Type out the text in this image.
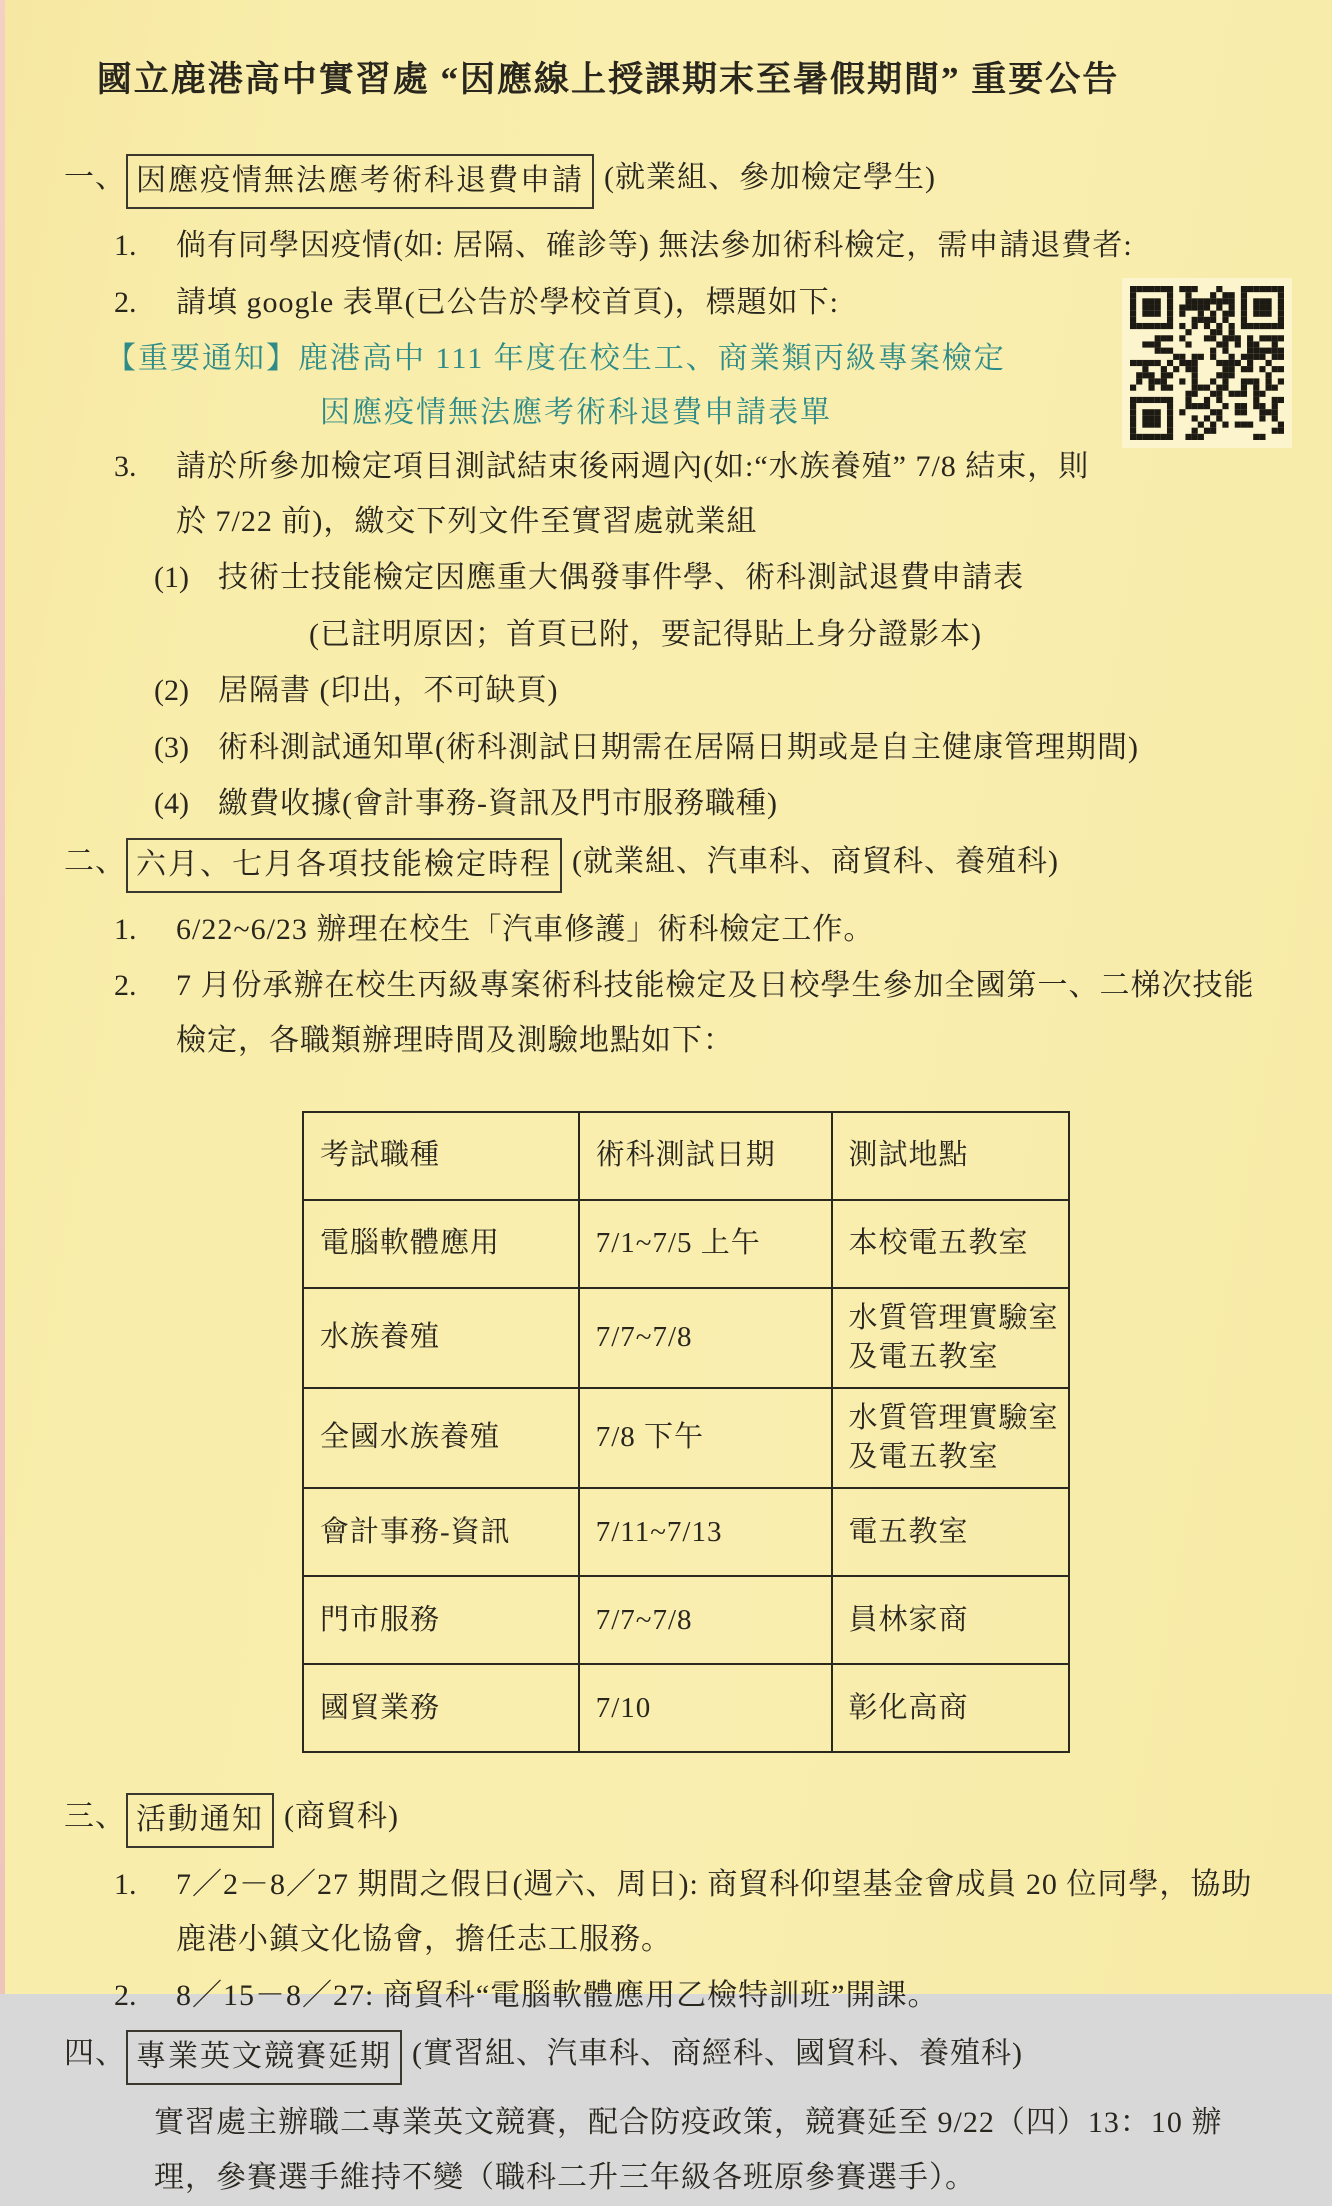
國立鹿港高中實習處 “因應線上授課期末至暑假期間” 重要公告
一、 因應疫情無法應考術科退費申請 (就業組、參加檢定學生)
1.	倘有同學因疫情(如: 居隔、確診等) 無法參加術科檢定，需申請退費者:
2.	請填 google 表單(已公告於學校首頁)，標題如下:
【重要通知】鹿港高中 111 年度在校生工、商業類丙級專案檢定
因應疫情無法應考術科退費申請表單
3.	請於所參加檢定項目測試結束後兩週內(如:“水族養殖” 7/8 結束，則於 7/22 前)，繳交下列文件至實習處就業組
(1) 技術士技能檢定因應重大偶發事件學、術科測試退費申請表
(已註明原因；首頁已附，要記得貼上身分證影本)
(2) 居隔書 (印出，不可缺頁)
(3) 術科測試通知單(術科測試日期需在居隔日期或是自主健康管理期間)
(4) 繳費收據(會計事務-資訊及門市服務職種)
二、 六月、七月各項技能檢定時程 (就業組、汽車科、商貿科、養殖科)
1.	6/22~6/23 辦理在校生「汽車修護」術科檢定工作。
2.	7 月份承辦在校生丙級專案術科技能檢定及日校學生參加全國第一、二梯次技能檢定，各職類辦理時間及測驗地點如下：
考試職種	術科測試日期	測試地點
電腦軟體應用	7/1~7/5 上午	本校電五教室
水族養殖	7/7~7/8	水質管理實驗室及電五教室
全國水族養殖	7/8 下午	水質管理實驗室及電五教室
會計事務-資訊	7/11~7/13	電五教室
門市服務	7/7~7/8	員林家商
國貿業務	7/10	彰化高商
三、 活動通知 (商貿科)
1.	7／2－8／27 期間之假日(週六、周日): 商貿科仰望基金會成員 20 位同學，協助鹿港小鎮文化協會，擔任志工服務。
2.	8／15－8／27: 商貿科“電腦軟體應用乙檢特訓班”開課。
四、 專業英文競賽延期 (實習組、汽車科、商經科、國貿科、養殖科)
實習處主辦職二專業英文競賽，配合防疫政策，競賽延至 9/22（四）13：10 辦理，參賽選手維持不變（職科二升三年級各班原參賽選手）。
